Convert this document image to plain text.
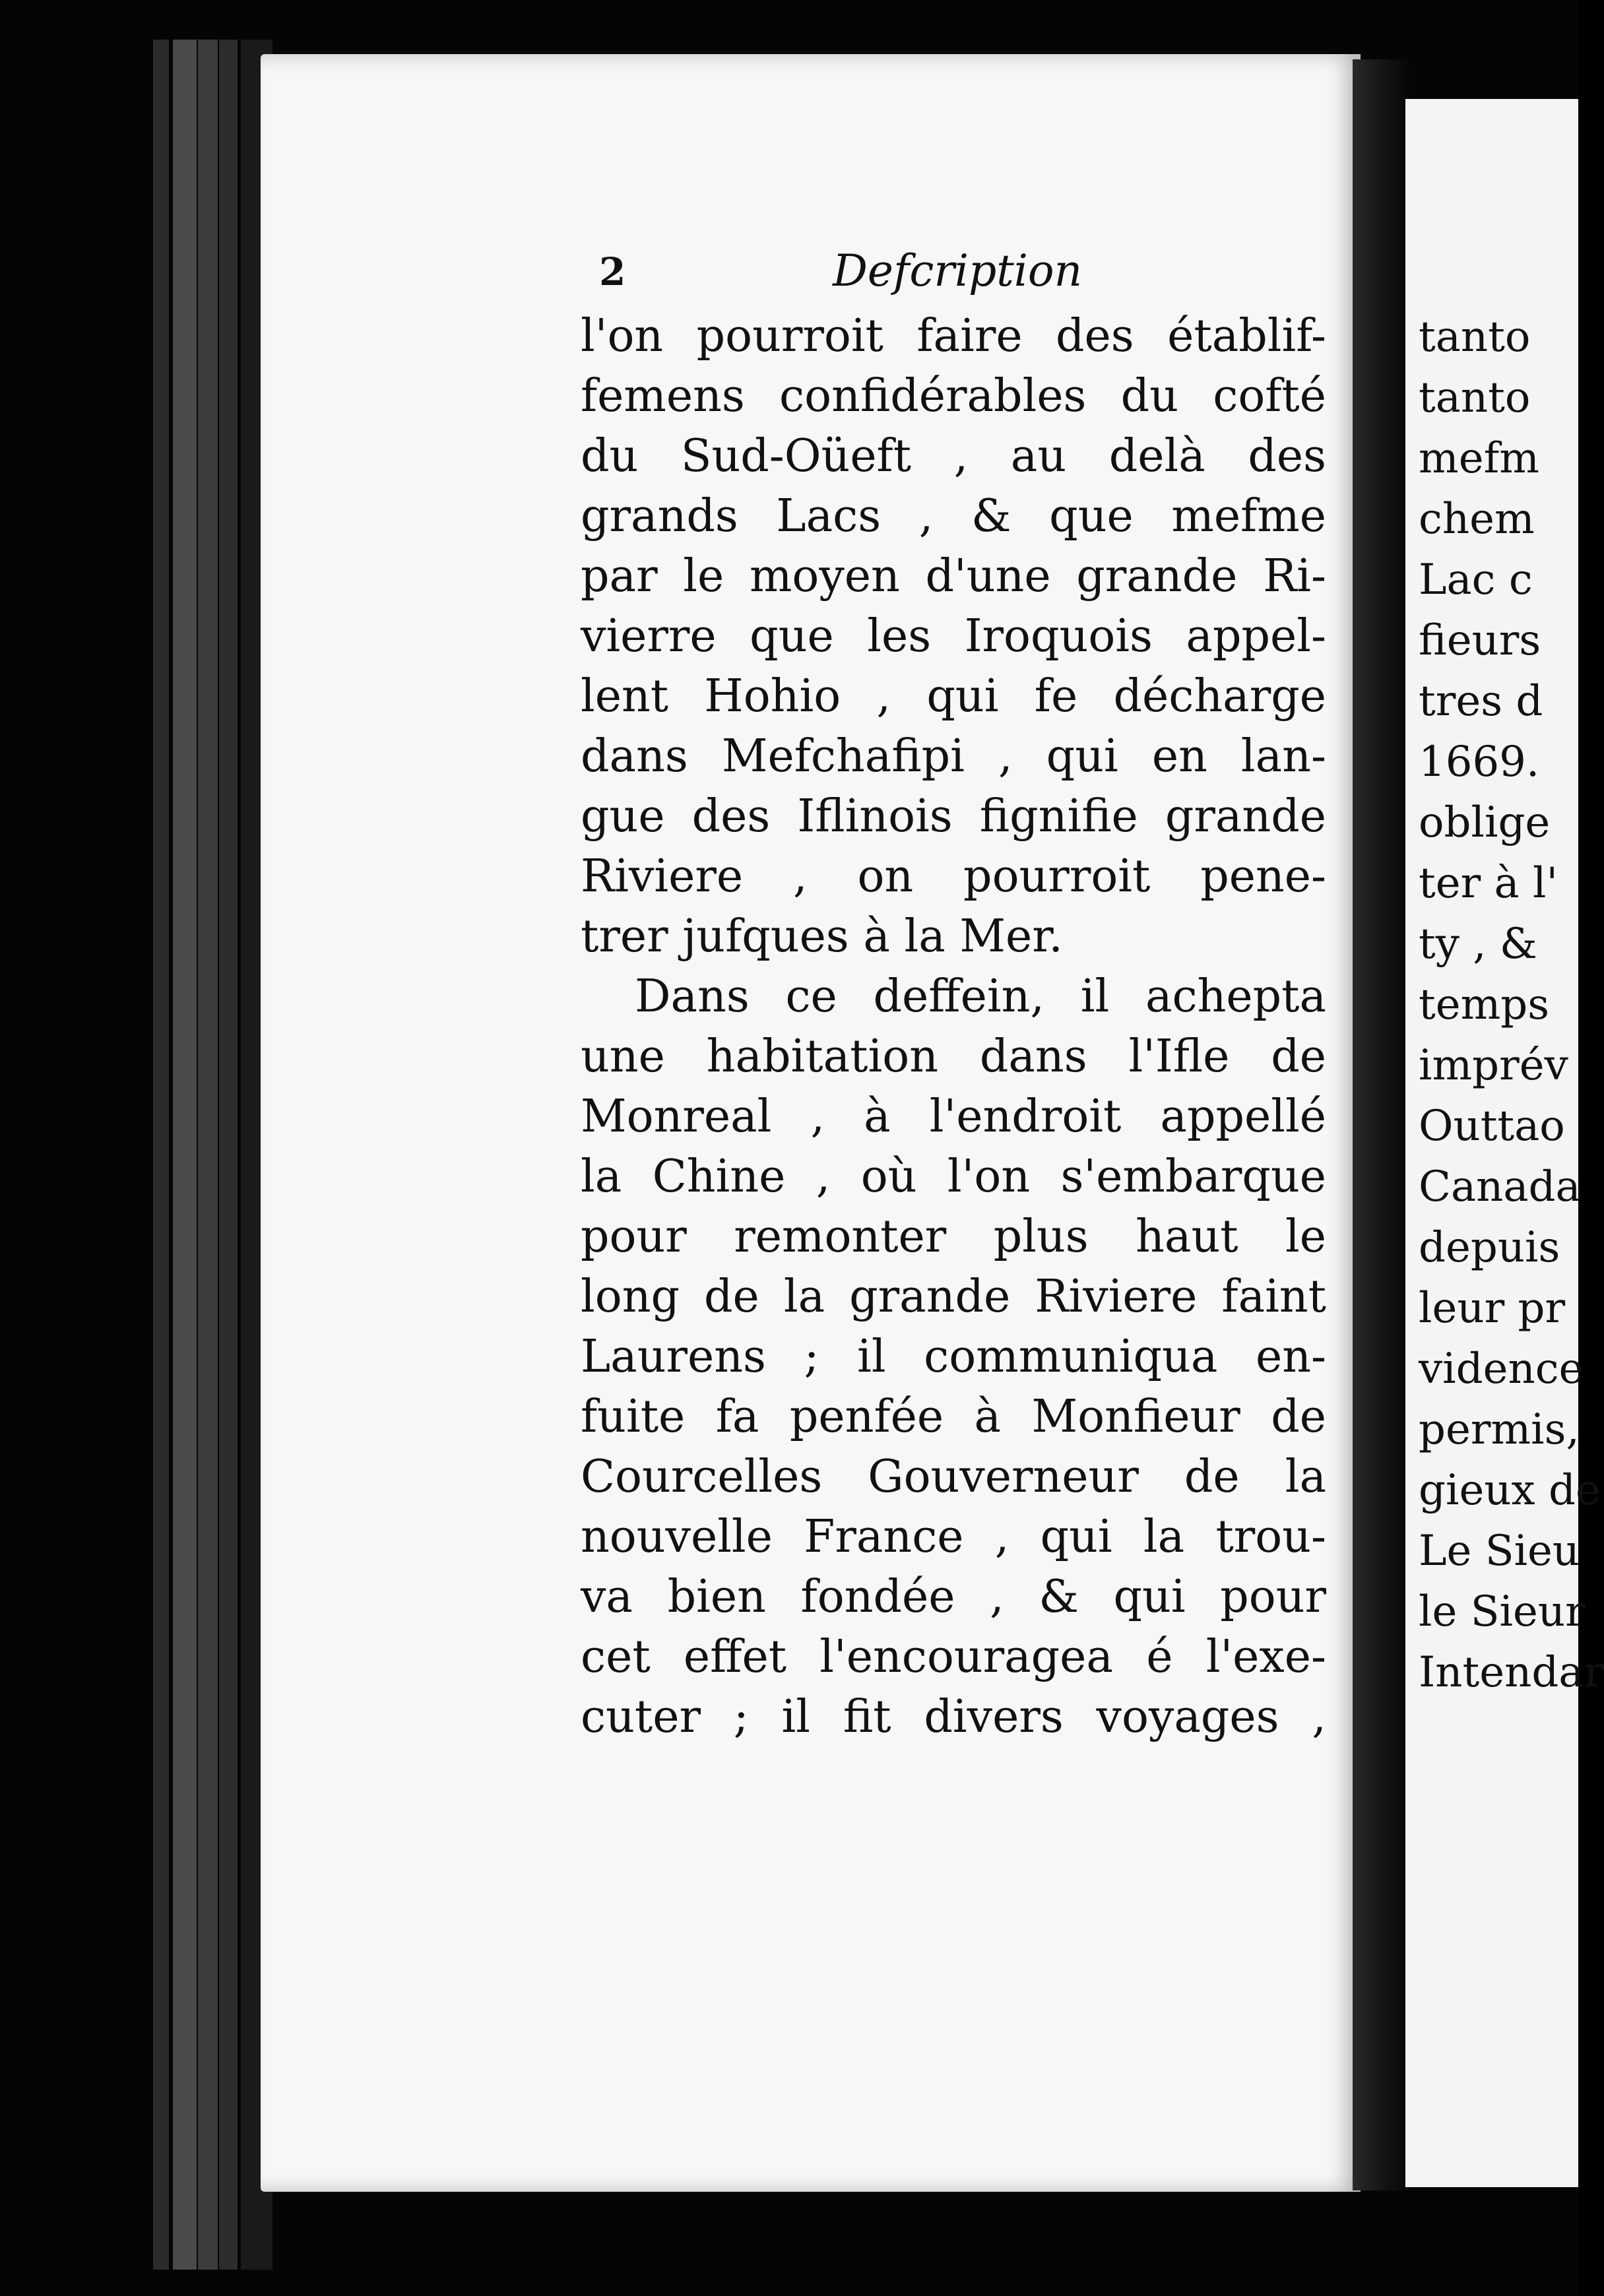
tanto
tanto
mefm
chem
Lac c
fieurs
tres d
1669.
oblige
ter à l'
ty , &
temps
imprév
Outtao
Canada
depuis
leur pr
vidence
permis,
gieux de
Le Sieu
le Sieur
Intendar
2	Defcription
l'on pourroit faire des établif-
femens confidérables du cofté
du Sud-Oüeft , au delà des
grands Lacs , & que mefme
par le moyen d'une grande Ri-
vierre que les Iroquois appel-
lent Hohio , qui fe décharge
dans Mefchafipi , qui en lan-
gue des Iflinois fignifie grande
Riviere , on pourroit pene-
trer jufques à la Mer.
Dans ce deffein, il achepta
une habitation dans l'Ifle de
Monreal , à l'endroit appellé
la Chine , où l'on s'embarque
pour remonter plus haut le
long de la grande Riviere faint
Laurens ; il communiqua en-
fuite fa penfée à Monfieur de
Courcelles Gouverneur de la
nouvelle France , qui la trou-
va bien fondée , & qui pour
cet effet l'encouragea é l'exe-
cuter ; il fit divers voyages ,
